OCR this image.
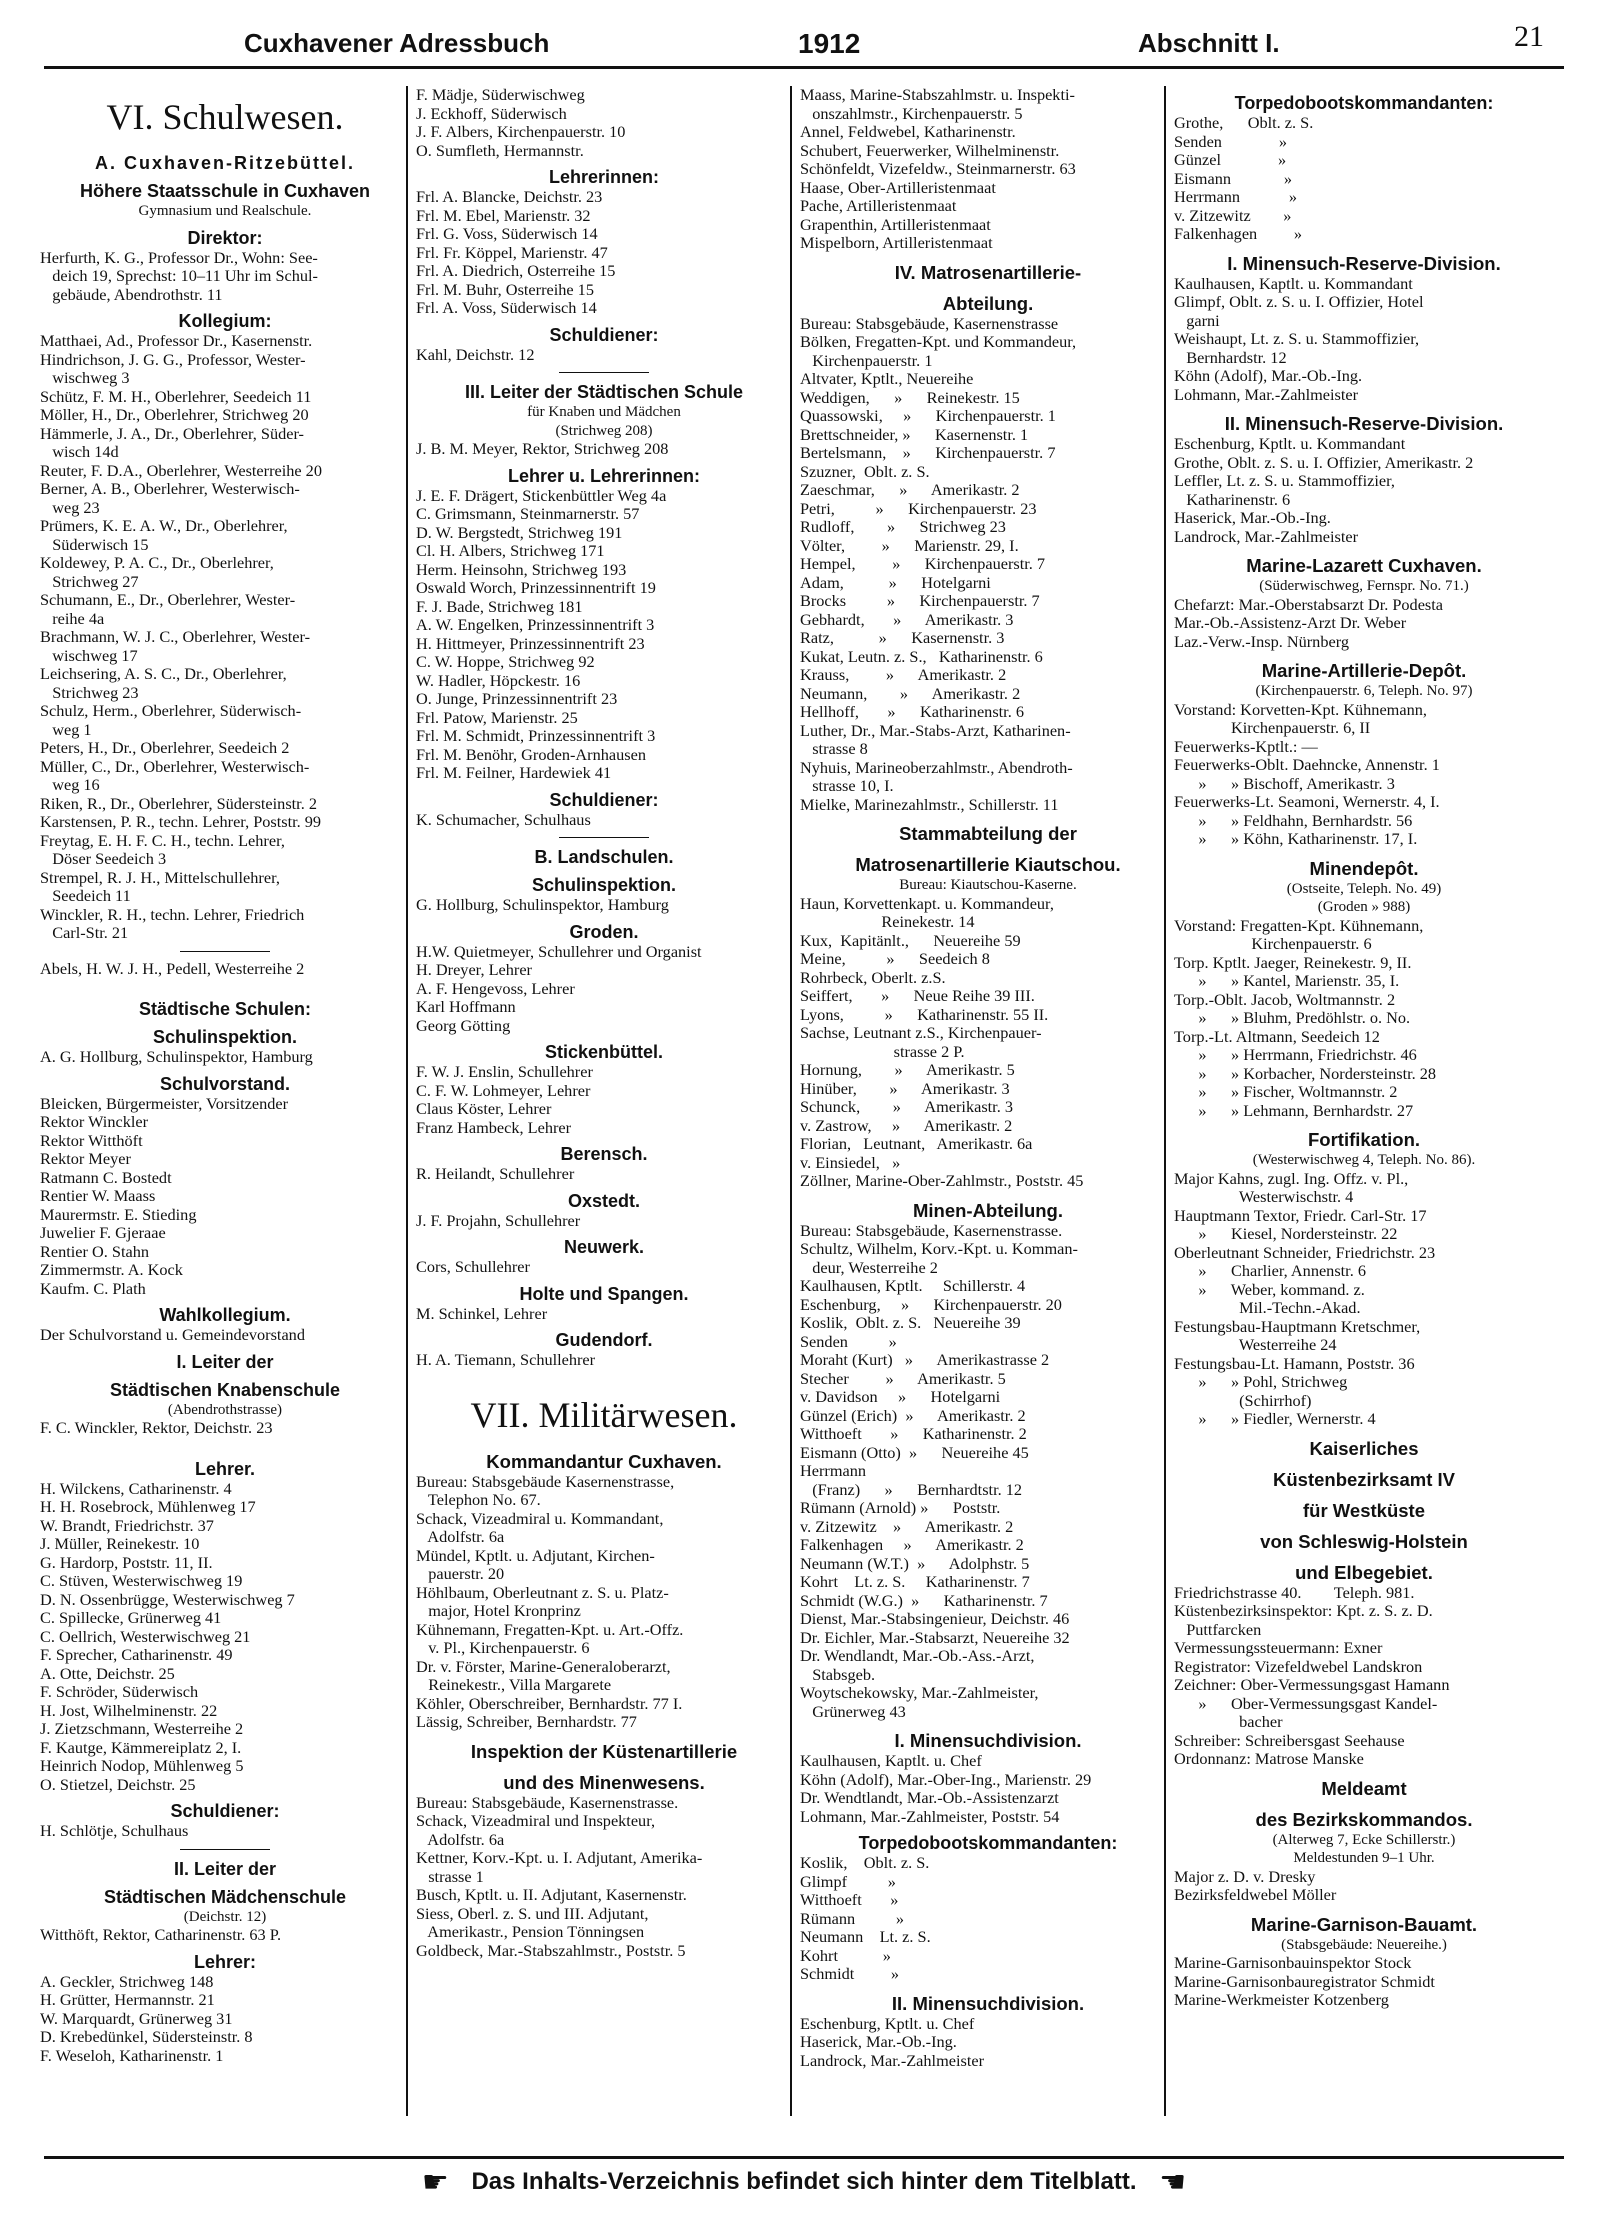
Cuxhavener Adressbuch	1912	Abschnitt I.	21
VI. Schulwesen.
A. Cuxhaven-Ritzebüttel.
Höhere Staatsschule in Cuxhaven
Gymnasium und Realschule.
Direktor:
Herfurth, K. G., Professor Dr., Wohn: See-
deich 19, Sprechst: 10–11 Uhr im Schul-
gebäude, Abendrothstr. 11
Kollegium:
Matthaei, Ad., Professor Dr., Kasernenstr.
Hindrichson, J. G. G., Professor, Wester-
wischweg 3
Schütz, F. M. H., Oberlehrer, Seedeich 11
Möller, H., Dr., Oberlehrer, Strichweg 20
Hämmerle, J. A., Dr., Oberlehrer, Süder-
wisch 14d
Reuter, F. D.A., Oberlehrer, Westerreihe 20
Berner, A. B., Oberlehrer, Westerwisch-
weg 23
Prümers, K. E. A. W., Dr., Oberlehrer,
Süderwisch 15
Koldewey, P. A. C., Dr., Oberlehrer,
Strichweg 27
Schumann, E., Dr., Oberlehrer, Wester-
reihe 4a
Brachmann, W. J. C., Oberlehrer, Wester-
wischweg 17
Leichsering, A. S. C., Dr., Oberlehrer,
Strichweg 23
Schulz, Herm., Oberlehrer, Süderwisch-
weg 1
Peters, H., Dr., Oberlehrer, Seedeich 2
Müller, C., Dr., Oberlehrer, Westerwisch-
weg 16
Riken, R., Dr., Oberlehrer, Südersteinstr. 2
Karstensen, P. R., techn. Lehrer, Poststr. 99
Freytag, E. H. F. C. H., techn. Lehrer,
Döser Seedeich 3
Strempel, R. J. H., Mittelschullehrer,
Seedeich 11
Winckler, R. H., techn. Lehrer, Friedrich
Carl-Str. 21
Abels, H. W. J. H., Pedell, Westerreihe 2
Städtische Schulen:
Schulinspektion.
A. G. Hollburg, Schulinspektor, Hamburg
Schulvorstand.
Bleicken, Bürgermeister, Vorsitzender
Rektor Winckler
Rektor Witthöft
Rektor Meyer
Ratmann C. Bostedt
Rentier W. Maass
Maurermstr. E. Stieding
Juwelier F. Gjeraae
Rentier O. Stahn
Zimmermstr. A. Kock
Kaufm. C. Plath
Wahlkollegium.
Der Schulvorstand u. Gemeindevorstand
I. Leiter der
Städtischen Knabenschule
(Abendrothstrasse)
F. C. Winckler, Rektor, Deichstr. 23
Lehrer.
H. Wilckens, Catharinenstr. 4
H. H. Rosebrock, Mühlenweg 17
W. Brandt, Friedrichstr. 37
J. Müller, Reinekestr. 10
G. Hardorp, Poststr. 11, II.
C. Stüven, Westerwischweg 19
D. N. Ossenbrügge, Westerwischweg 7
C. Spillecke, Grünerweg 41
C. Oellrich, Westerwischweg 21
F. Sprecher, Catharinenstr. 49
A. Otte, Deichstr. 25
F. Schröder, Süderwisch
H. Jost, Wilhelminenstr. 22
J. Zietzschmann, Westerreihe 2
F. Kautge, Kämmereiplatz 2, I.
Heinrich Nodop, Mühlenweg 5
O. Stietzel, Deichstr. 25
Schuldiener:
H. Schlötje, Schulhaus
II. Leiter der
Städtischen Mädchenschule
(Deichstr. 12)
Witthöft, Rektor, Catharinenstr. 63 P.
Lehrer:
A. Geckler, Strichweg 148
H. Grütter, Hermannstr. 21
W. Marquardt, Grünerweg 31
D. Krebedünkel, Südersteinstr. 8
F. Weseloh, Katharinenstr. 1
F. Mädje, Süderwischweg
J. Eckhoff, Süderwisch
J. F. Albers, Kirchenpauerstr. 10
O. Sumfleth, Hermannstr.
Lehrerinnen:
Frl. A. Blancke, Deichstr. 23
Frl. M. Ebel, Marienstr. 32
Frl. G. Voss, Süderwisch 14
Frl. Fr. Köppel, Marienstr. 47
Frl. A. Diedrich, Osterreihe 15
Frl. M. Buhr, Osterreihe 15
Frl. A. Voss, Süderwisch 14
Schuldiener:
Kahl, Deichstr. 12
III. Leiter der Städtischen Schule
für Knaben und Mädchen
(Strichweg 208)
J. B. M. Meyer, Rektor, Strichweg 208
Lehrer u. Lehrerinnen:
J. E. F. Drägert, Stickenbüttler Weg 4a
C. Grimsmann, Steinmarnerstr. 57
D. W. Bergstedt, Strichweg 191
Cl. H. Albers, Strichweg 171
Herm. Heinsohn, Strichweg 193
Oswald Worch, Prinzessinnentrift 19
F. J. Bade, Strichweg 181
A. W. Engelken, Prinzessinnentrift 3
H. Hittmeyer, Prinzessinnentrift 23
C. W. Hoppe, Strichweg 92
W. Hadler, Höpckestr. 16
O. Junge, Prinzessinnentrift 23
Frl. Patow, Marienstr. 25
Frl. M. Schmidt, Prinzessinnentrift 3
Frl. M. Benöhr, Groden-Arnhausen
Frl. M. Feilner, Hardewiek 41
Schuldiener:
K. Schumacher, Schulhaus
B. Landschulen.
Schulinspektion.
G. Hollburg, Schulinspektor, Hamburg
Groden.
H.W. Quietmeyer, Schullehrer und Organist
H. Dreyer, Lehrer
A. F. Hengevoss, Lehrer
Karl Hoffmann
Georg Götting
Stickenbüttel.
F. W. J. Enslin, Schullehrer
C. F. W. Lohmeyer, Lehrer
Claus Köster, Lehrer
Franz Hambeck, Lehrer
Berensch.
R. Heilandt, Schullehrer
Oxstedt.
J. F. Projahn, Schullehrer
Neuwerk.
Cors, Schullehrer
Holte und Spangen.
M. Schinkel, Lehrer
Gudendorf.
H. A. Tiemann, Schullehrer
VII. Militärwesen.
Kommandantur Cuxhaven.
Bureau: Stabsgebäude Kasernenstrasse,
Telephon No. 67.
Schack, Vizeadmiral u. Kommandant,
Adolfstr. 6a
Mündel, Kptlt. u. Adjutant, Kirchen-
pauerstr. 20
Höhlbaum, Oberleutnant z. S. u. Platz-
major, Hotel Kronprinz
Kühnemann, Fregatten-Kpt. u. Art.-Offz.
v. Pl., Kirchenpauerstr. 6
Dr. v. Förster, Marine-Generaloberarzt,
Reinekestr., Villa Margarete
Köhler, Oberschreiber, Bernhardstr. 77 I.
Lässig, Schreiber, Bernhardstr. 77
Inspektion der Küstenartillerie
und des Minenwesens.
Bureau: Stabsgebäude, Kasernenstrasse.
Schack, Vizeadmiral und Inspekteur,
Adolfstr. 6a
Kettner, Korv.-Kpt. u. I. Adjutant, Amerika-
strasse 1
Busch, Kptlt. u. II. Adjutant, Kasernenstr.
Siess, Oberl. z. S. und III. Adjutant,
Amerikastr., Pension Tönningsen
Goldbeck, Mar.-Stabszahlmstr., Poststr. 5
Maass, Marine-Stabszahlmstr. u. Inspekti-
onszahlmstr., Kirchenpauerstr. 5
Annel, Feldwebel, Katharinenstr.
Schubert, Feuerwerker, Wilhelminenstr.
Schönfeldt, Vizefeldw., Steinmarnerstr. 63
Haase, Ober-Artilleristenmaat
Pache, Artilleristenmaat
Grapenthin, Artilleristenmaat
Mispelborn, Artilleristenmaat
IV. Matrosenartillerie-
Abteilung.
Bureau: Stabsgebäude, Kasernenstrasse
Bölken, Fregatten-Kpt. und Kommandeur,
Kirchenpauerstr. 1
Altvater, Kptlt., Neuereihe
Weddigen,      »      Reinekestr. 15
Quassowski,     »      Kirchenpauerstr. 1
Brettschneider, »      Kasernenstr. 1
Bertelsmann,    »      Kirchenpauerstr. 7
Szuzner,  Oblt. z. S.
Zaeschmar,      »      Amerikastr. 2
Petri,          »      Kirchenpauerstr. 23
Rudloff,        »      Strichweg 23
Völter,         »      Marienstr. 29, I.
Hempel,         »      Kirchenpauerstr. 7
Adam,           »      Hotelgarni
Brocks          »      Kirchenpauerstr. 7
Gebhardt,       »      Amerikastr. 3
Ratz,           »      Kasernenstr. 3
Kukat, Leutn. z. S.,   Katharinenstr. 6
Krauss,         »      Amerikastr. 2
Neumann,        »      Amerikastr. 2
Hellhoff,       »      Katharinenstr. 6
Luther, Dr., Mar.-Stabs-Arzt, Katharinen-
strasse 8
Nyhuis, Marineoberzahlmstr., Abendroth-
strasse 10, I.
Mielke, Marinezahlmstr., Schillerstr. 11
Stammabteilung der
Matrosenartillerie Kiautschou.
Bureau: Kiautschou-Kaserne.
Haun, Korvettenkapt. u. Kommandeur,
Reinekestr. 14
Kux,  Kapitänlt.,      Neuereihe 59
Meine,          »      Seedeich 8
Rohrbeck, Oberlt. z.S.
Seiffert,       »      Neue Reihe 39 III.
Lyons,          »      Katharinenstr. 55 II.
Sachse, Leutnant z.S., Kirchenpauer-
strasse 2 P.
Hornung,        »      Amerikastr. 5
Hinüber,        »      Amerikastr. 3
Schunck,        »      Amerikastr. 3
v. Zastrow,     »      Amerikastr. 2
Florian,   Leutnant,   Amerikastr. 6a
v. Einsiedel,   »
Zöllner, Marine-Ober-Zahlmstr., Poststr. 45
Minen-Abteilung.
Bureau: Stabsgebäude, Kasernenstrasse.
Schultz, Wilhelm, Korv.-Kpt. u. Komman-
deur, Westerreihe 2
Kaulhausen, Kptlt.     Schillerstr. 4
Eschenburg,     »      Kirchenpauerstr. 20
Koslik,  Oblt. z. S.   Neuereihe 39
Senden          »
Moraht (Kurt)   »      Amerikastrasse 2
Stecher         »      Amerikastr. 5
v. Davidson     »      Hotelgarni
Günzel (Erich)  »      Amerikastr. 2
Witthoeft       »      Katharinenstr. 2
Eismann (Otto)  »      Neuereihe 45
Herrmann
(Franz)      »      Bernhardtstr. 12
Rümann (Arnold) »      Poststr.
v. Zitzewitz    »      Amerikastr. 2
Falkenhagen     »      Amerikastr. 2
Neumann (W.T.)  »      Adolphstr. 5
Kohrt    Lt. z. S.     Katharinenstr. 7
Schmidt (W.G.)  »      Katharinenstr. 7
Dienst, Mar.-Stabsingenieur, Deichstr. 46
Dr. Eichler, Mar.-Stabsarzt, Neuereihe 32
Dr. Wendlandt, Mar.-Ob.-Ass.-Arzt,
Stabsgeb.
Woytschekowsky, Mar.-Zahlmeister,
Grünerweg 43
I. Minensuchdivision.
Kaulhausen, Kaptlt. u. Chef
Köhn (Adolf), Mar.-Ober-Ing., Marienstr. 29
Dr. Wendtlandt, Mar.-Ob.-Assistenzarzt
Lohmann, Mar.-Zahlmeister, Poststr. 54
Torpedobootskommandanten:
Koslik,    Oblt. z. S.
Glimpf          »
Witthoeft       »
Rümann          »
Neumann    Lt. z. S.
Kohrt           »
Schmidt         »
II. Minensuchdivision.
Eschenburg, Kptlt. u. Chef
Haserick, Mar.-Ob.-Ing.
Landrock, Mar.-Zahlmeister
Torpedobootskommandanten:
Grothe,      Oblt. z. S.
Senden              »
Günzel              »
Eismann             »
Herrmann            »
v. Zitzewitz        »
Falkenhagen         »
I. Minensuch-Reserve-Division.
Kaulhausen, Kaptlt. u. Kommandant
Glimpf, Oblt. z. S. u. I. Offizier, Hotel
garni
Weishaupt, Lt. z. S. u. Stammoffizier,
Bernhardstr. 12
Köhn (Adolf), Mar.-Ob.-Ing.
Lohmann, Mar.-Zahlmeister
II. Minensuch-Reserve-Division.
Eschenburg, Kptlt. u. Kommandant
Grothe, Oblt. z. S. u. I. Offizier, Amerikastr. 2
Leffler, Lt. z. S. u. Stammoffizier,
Katharinenstr. 6
Haserick, Mar.-Ob.-Ing.
Landrock, Mar.-Zahlmeister
Marine-Lazarett Cuxhaven.
(Süderwischweg, Fernspr. No. 71.)
Chefarzt: Mar.-Oberstabsarzt Dr. Podesta
Mar.-Ob.-Assistenz-Arzt Dr. Weber
Laz.-Verw.-Insp. Nürnberg
Marine-Artillerie-Depôt.
(Kirchenpauerstr. 6, Teleph. No. 97)
Vorstand: Korvetten-Kpt. Kühnemann,
Kirchenpauerstr. 6, II
Feuerwerks-Kptlt.: —
Feuerwerks-Oblt. Daehncke, Annenstr. 1
»      » Bischoff, Amerikastr. 3
Feuerwerks-Lt. Seamoni, Wernerstr. 4, I.
»      » Feldhahn, Bernhardstr. 56
»      » Köhn, Katharinenstr. 17, I.
Minendepôt.
(Ostseite, Teleph. No. 49)
(Groden » 988)
Vorstand: Fregatten-Kpt. Kühnemann,
Kirchenpauerstr. 6
Torp. Kptlt. Jaeger, Reinekestr. 9, II.
»      » Kantel, Marienstr. 35, I.
Torp.-Oblt. Jacob, Woltmannstr. 2
»      » Bluhm, Predöhlstr. o. No.
Torp.-Lt. Altmann, Seedeich 12
»      » Herrmann, Friedrichstr. 46
»      » Korbacher, Nordersteinstr. 28
»      » Fischer, Woltmannstr. 2
»      » Lehmann, Bernhardstr. 27
Fortifikation.
(Westerwischweg 4, Teleph. No. 86).
Major Kahns, zugl. Ing. Offz. v. Pl.,
Westerwischstr. 4
Hauptmann Textor, Friedr. Carl-Str. 17
»      Kiesel, Nordersteinstr. 22
Oberleutnant Schneider, Friedrichstr. 23
»      Charlier, Annenstr. 6
»      Weber, kommand. z.
Mil.-Techn.-Akad.
Festungsbau-Hauptmann Kretschmer,
Westerreihe 24
Festungsbau-Lt. Hamann, Poststr. 36
»      » Pohl, Strichweg
(Schirrhof)
»      » Fiedler, Wernerstr. 4
Kaiserliches
Küstenbezirksamt IV
für Westküste
von Schleswig-Holstein
und Elbegebiet.
Friedrichstrasse 40.        Teleph. 981.
Küstenbezirksinspektor: Kpt. z. S. z. D.
Puttfarcken
Vermessungssteuermann: Exner
Registrator: Vizefeldwebel Landskron
Zeichner: Ober-Vermessungsgast Hamann
»      Ober-Vermessungsgast Kandel-
bacher
Schreiber: Schreibersgast Seehause
Ordonnanz: Matrose Manske
Meldeamt
des Bezirkskommandos.
(Alterweg 7, Ecke Schillerstr.)
Meldestunden 9–1 Uhr.
Major z. D. v. Dresky
Bezirksfeldwebel Möller
Marine-Garnison-Bauamt.
(Stabsgebäude: Neuereihe.)
Marine-Garnisonbauinspektor Stock
Marine-Garnisonbauregistrator Schmidt
Marine-Werkmeister Kotzenberg
☛ Das Inhalts-Verzeichnis befindet sich hinter dem Titelblatt. ☚
